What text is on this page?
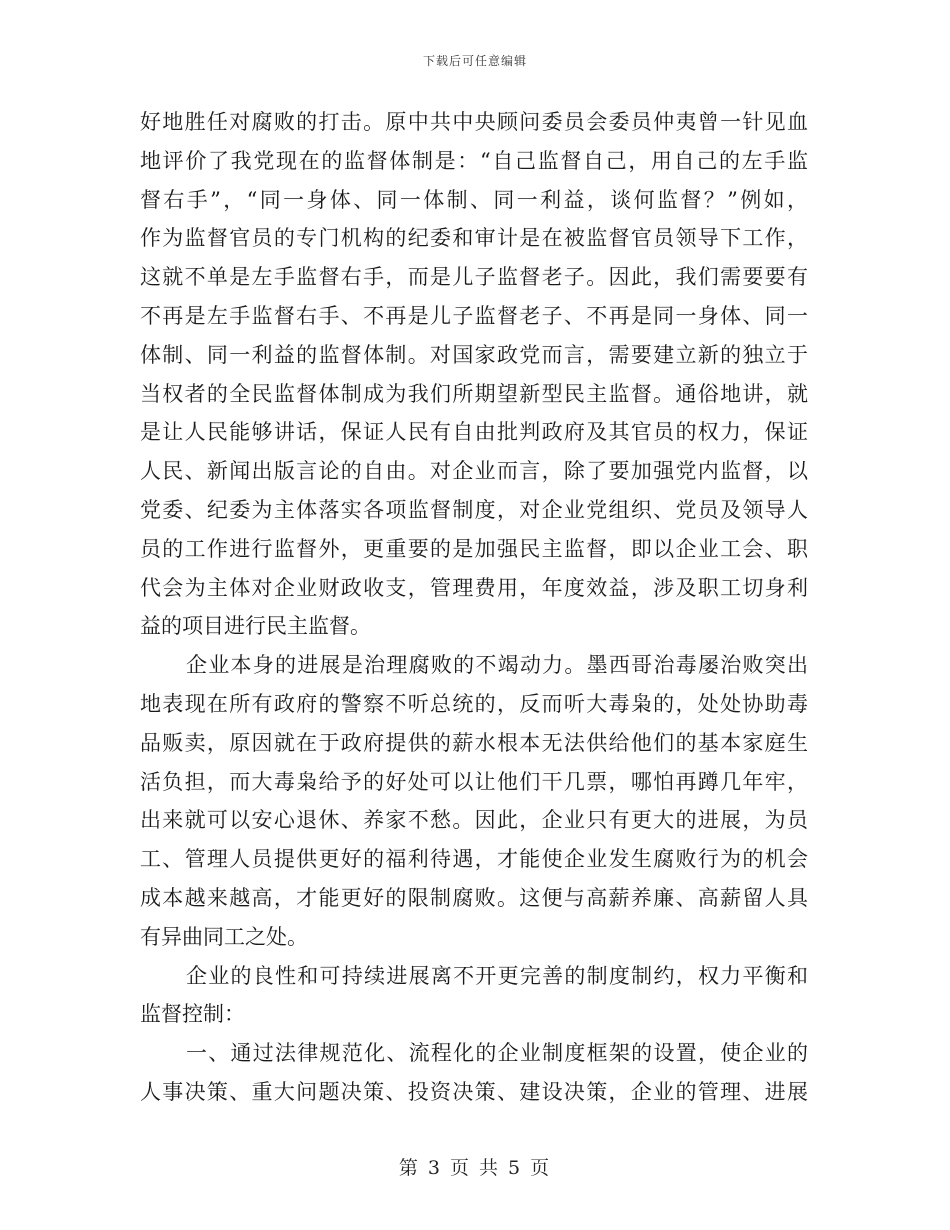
下载后可任意编辑
好地胜任对腐败的打击。原中共中央顾问委员会委员仲夷曾一针见血
地评价了我党现在的监督体制是：“自己监督自己，用自己的左手监
督右手”，“同一身体、同一体制、同一利益，谈何监督？”例如，
作为监督官员的专门机构的纪委和审计是在被监督官员领导下工作，
这就不单是左手监督右手，而是儿子监督老子。因此，我们需要要有
不再是左手监督右手、不再是儿子监督老子、不再是同一身体、同一
体制、同一利益的监督体制。对国家政党而言，需要建立新的独立于
当权者的全民监督体制成为我们所期望新型民主监督。通俗地讲，就
是让人民能够讲话，保证人民有自由批判政府及其官员的权力，保证
人民、新闻出版言论的自由。对企业而言，除了要加强党内监督，以
党委、纪委为主体落实各项监督制度，对企业党组织、党员及领导人
员的工作进行监督外，更重要的是加强民主监督，即以企业工会、职
代会为主体对企业财政收支，管理费用，年度效益，涉及职工切身利
益的项目进行民主监督。
企业本身的进展是治理腐败的不竭动力。墨西哥治毒屡治败突出
地表现在所有政府的警察不听总统的，反而听大毒枭的，处处协助毒
品贩卖，原因就在于政府提供的薪水根本无法供给他们的基本家庭生
活负担，而大毒枭给予的好处可以让他们干几票，哪怕再蹲几年牢，
出来就可以安心退休、养家不愁。因此，企业只有更大的进展，为员
工、管理人员提供更好的福利待遇，才能使企业发生腐败行为的机会
成本越来越高，才能更好的限制腐败。这便与高薪养廉、高薪留人具
有异曲同工之处。
企业的良性和可持续进展离不开更完善的制度制约，权力平衡和
监督控制：
一、通过法律规范化、流程化的企业制度框架的设置，使企业的
人事决策、重大问题决策、投资决策、建设决策，企业的管理、进展
第 3 页 共 5 页
